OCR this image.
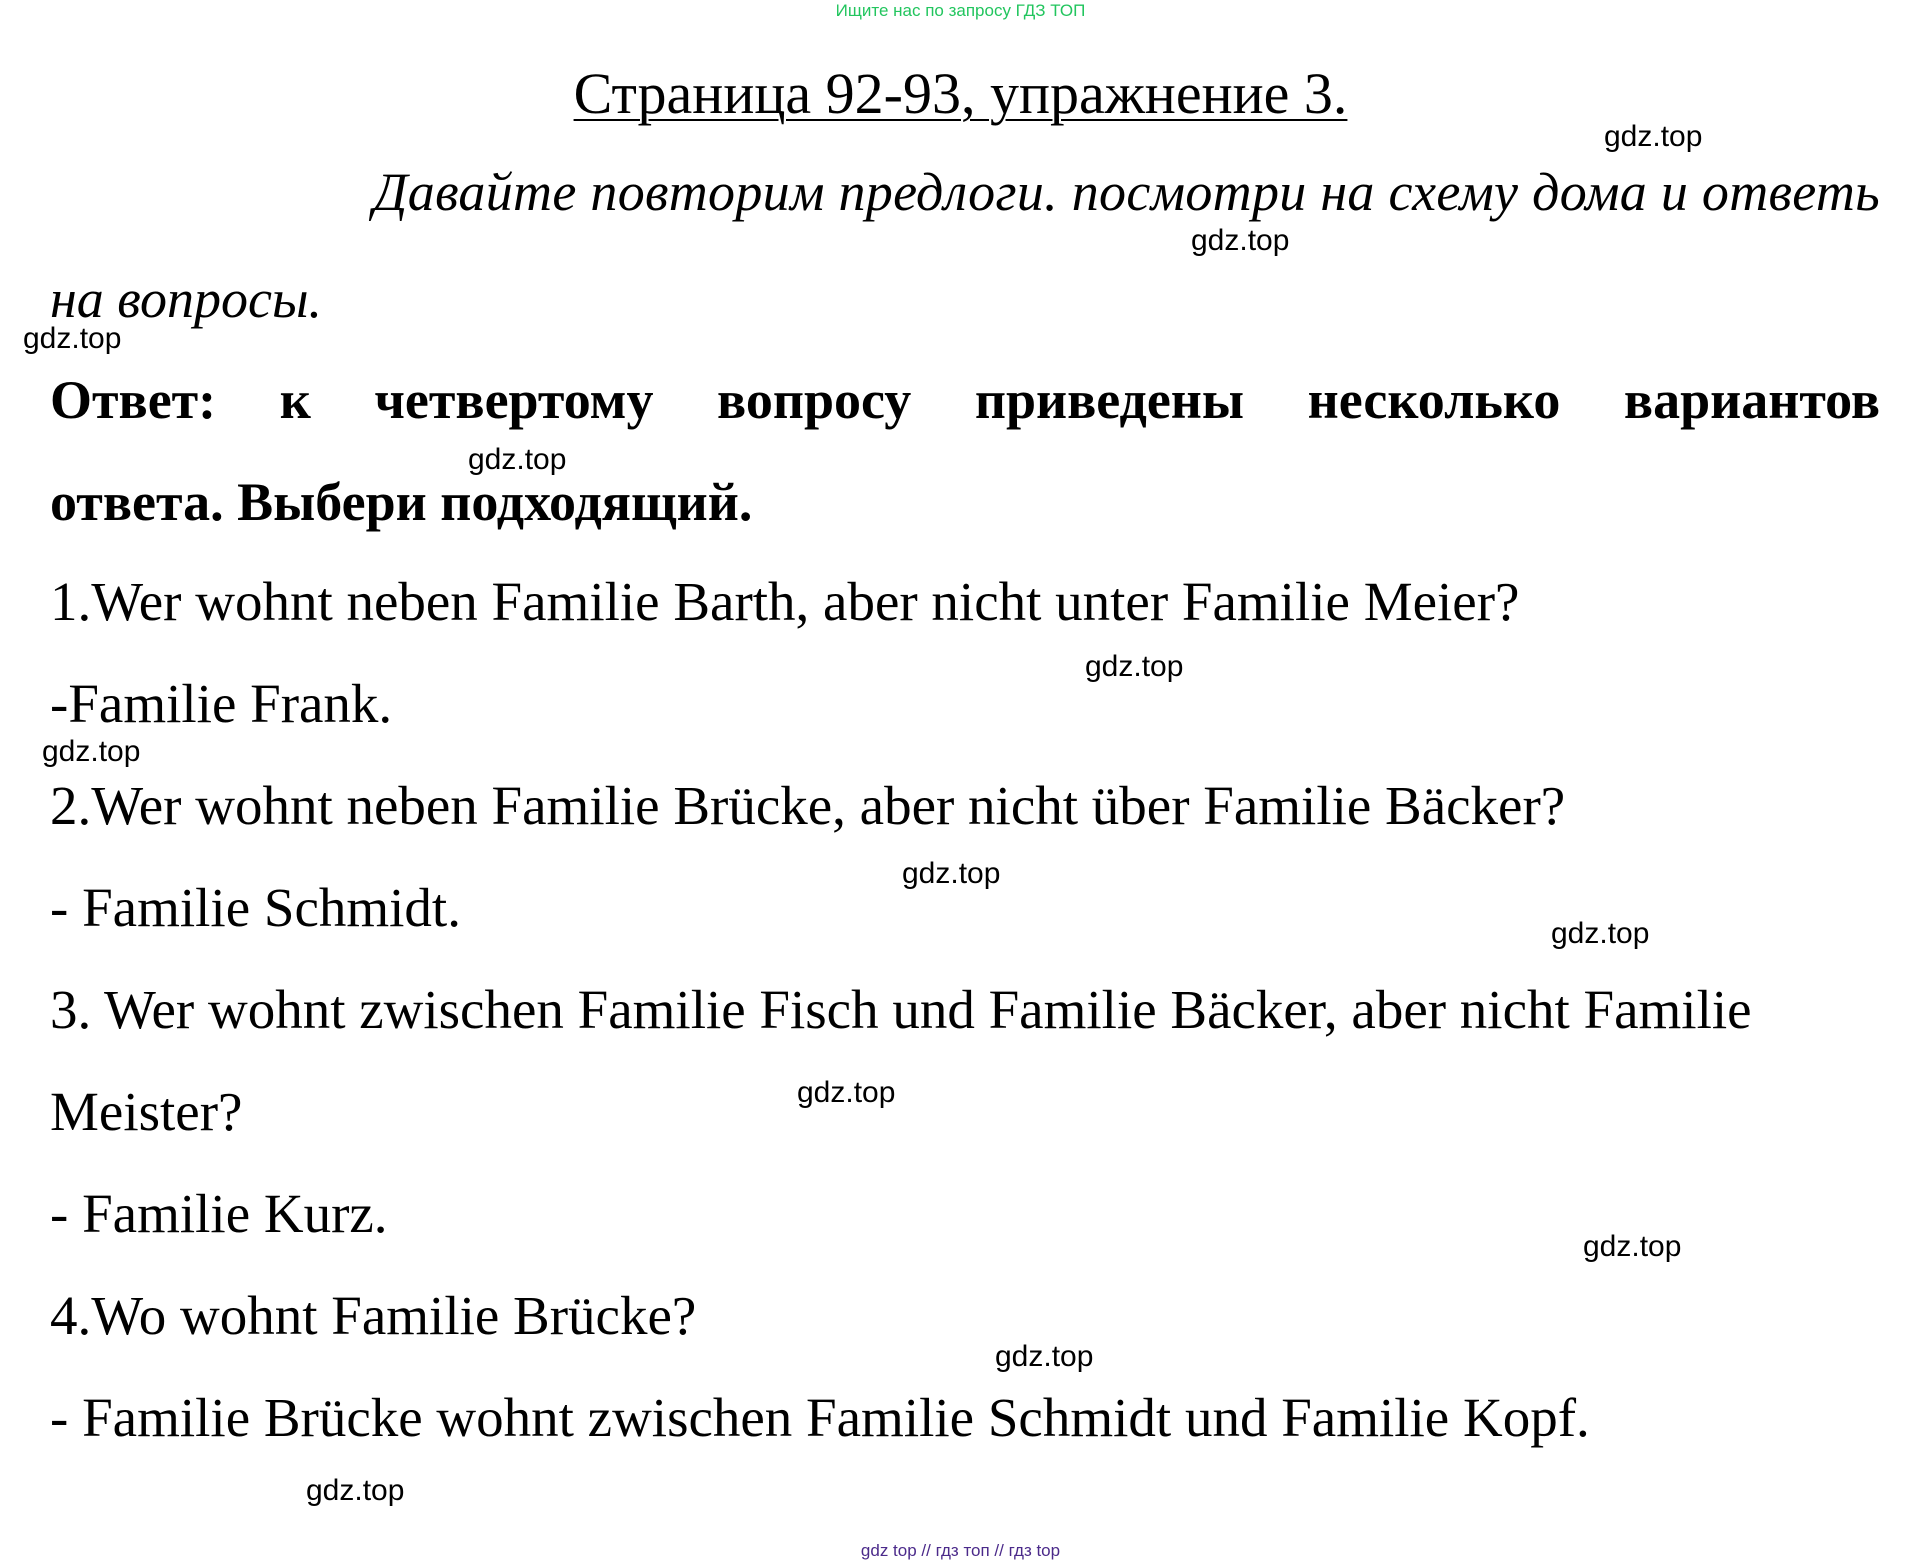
Ищите нас по запросу ГДЗ ТОП
Страница 92-93, упражнение 3.
Давайте повторим предлоги. посмотри на схему дома и ответь
на вопросы.
Ответ: к четвертому вопросу приведены несколько вариантов
ответа. Выбери подходящий.
1.Wer wohnt neben Familie Barth, aber nicht unter Familie Meier?
-Familie Frank.
2.Wer wohnt neben Familie Brücke, aber nicht über Familie Bäcker?
- Familie Schmidt.
3. Wer wohnt zwischen Familie Fisch und Familie Bäcker, aber nicht Familie
Meister?
- Familie Kurz.
4.Wo wohnt Familie Brücke?
- Familie Brücke wohnt zwischen Familie Schmidt und Familie Kopf.
gdz.top
gdz.top
gdz.top
gdz.top
gdz.top
gdz.top
gdz.top
gdz.top
gdz.top
gdz.top
gdz.top
gdz.top
gdz top // гдз топ // гдз top
